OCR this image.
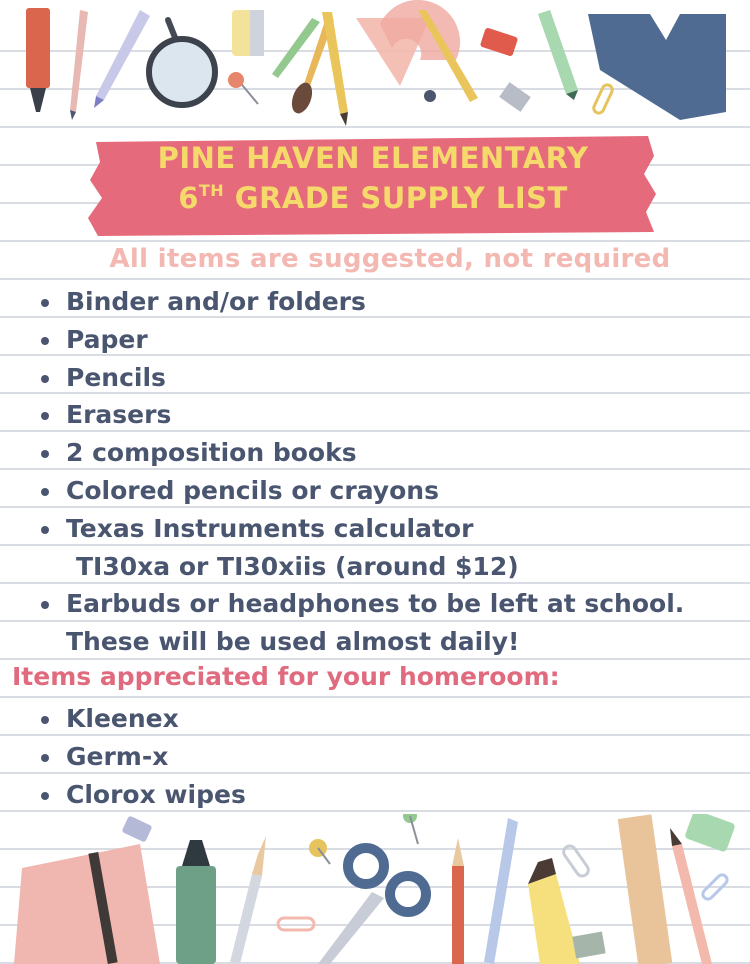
PINE HAVEN ELEMENTARY
6TH GRADE SUPPLY LIST
All items are suggested, not required
Binder and/or folders
Paper
Pencils
Erasers
2 composition books
Colored pencils or crayons
Texas Instruments calculator
TI30xa or TI30xiis (around $12)
Earbuds or headphones to be left at school.
These will be used almost daily!
Items appreciated for your homeroom:
Kleenex
Germ-x
Clorox wipes
